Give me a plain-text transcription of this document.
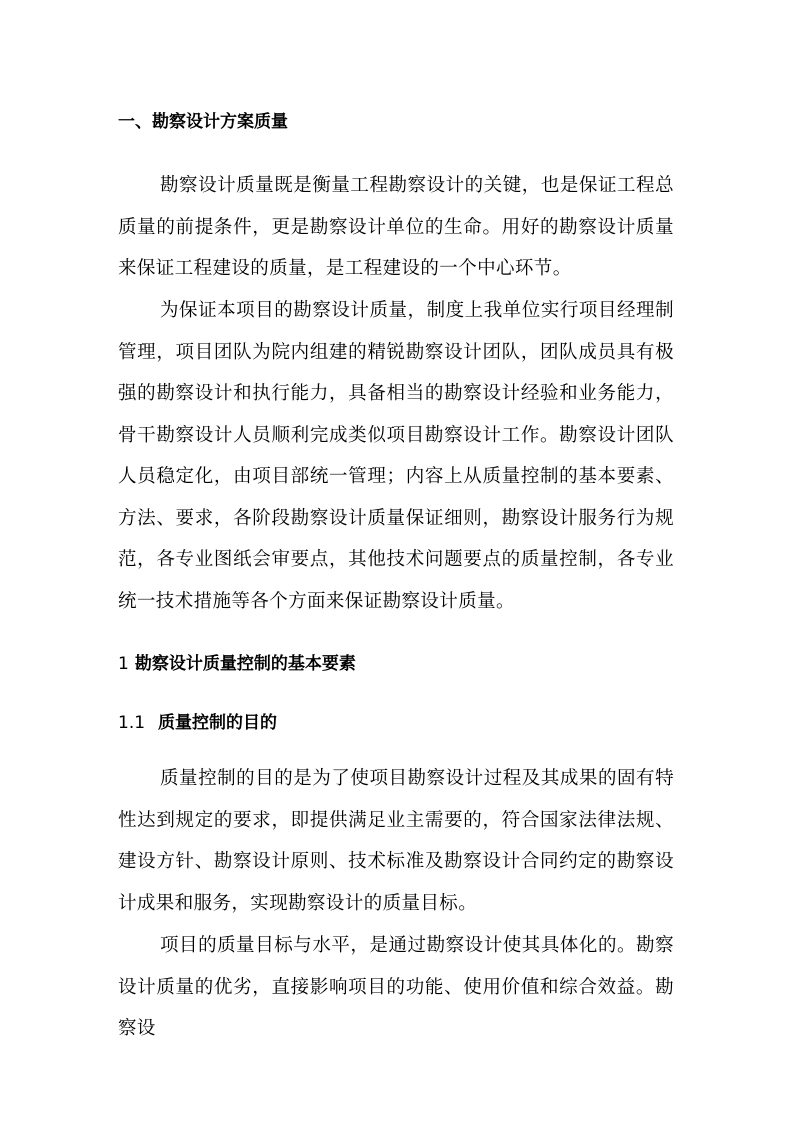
一、勘察设计方案质量

勘察设计质量既是衡量工程勘察设计的关键，也是保证工程总质量的前提条件，更是勘察设计单位的生命。用好的勘察设计质量来保证工程建设的质量，是工程建设的一个中心环节。

为保证本项目的勘察设计质量，制度上我单位实行项目经理制管理，项目团队为院内组建的精锐勘察设计团队，团队成员具有极强的勘察设计和执行能力，具备相当的勘察设计经验和业务能力，骨干勘察设计人员顺利完成类似项目勘察设计工作。勘察设计团队人员稳定化，由项目部统一管理；内容上从质量控制的基本要素、方法、要求，各阶段勘察设计质量保证细则，勘察设计服务行为规范，各专业图纸会审要点，其他技术问题要点的质量控制，各专业统一技术措施等各个方面来保证勘察设计质量。

1 勘察设计质量控制的基本要素
1.1 质量控制的目的

质量控制的目的是为了使项目勘察设计过程及其成果的固有特性达到规定的要求，即提供满足业主需要的，符合国家法律法规、建设方针、勘察设计原则、技术标准及勘察设计合同约定的勘察设计成果和服务，实现勘察设计的质量目标。

项目的质量目标与水平，是通过勘察设计使其具体化的。勘察设计质量的优劣，直接影响项目的功能、使用价值和综合效益。勘察设
